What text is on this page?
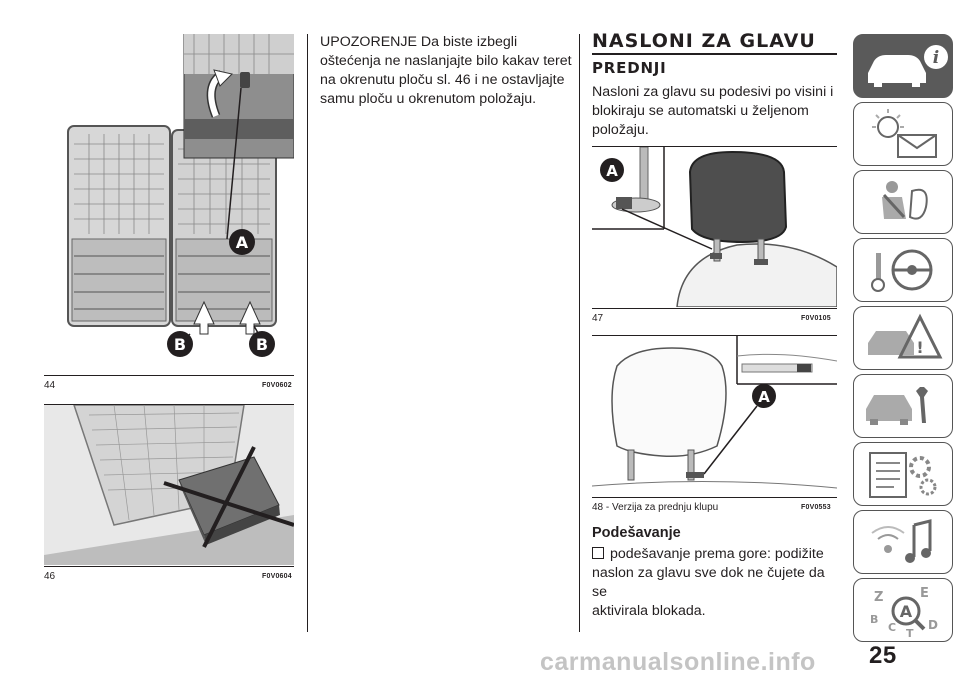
A
B	B
44	F0V0602
46	F0V0604
UPOZORENJE Da biste izbegli
oštećenja ne naslanjajte bilo kakav teret
na okrenutu ploču sl. 46 i ne ostavljajte
samu ploču u okrenutom položaju.
NASLONI ZA GLAVU
PREDNJI
Nasloni za glavu su podesivi po visini i
blokiraju se automatski u željenom
položaju.
A
47	F0V0105
A
48 - Verzija za prednju klupu	F0V0553
Podešavanje
podešavanje prema gore: podižite
naslon za glavu sve dok ne čujete da se
aktivirala blokada.
i
!
Z	E
B
C T
D
A
25
carmanualsonline.info
